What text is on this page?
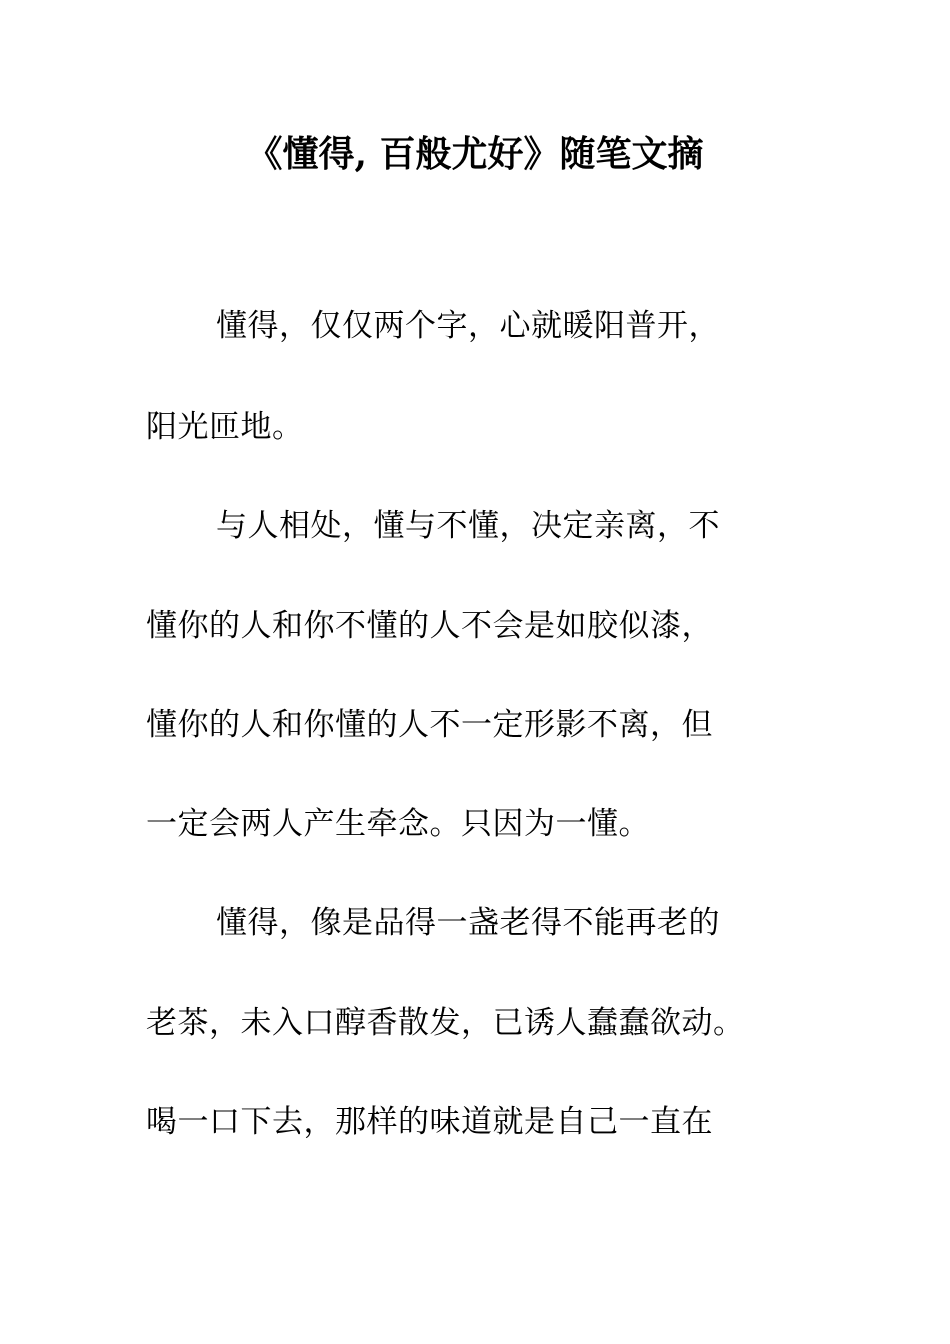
《懂得, 百般尤好》随笔文摘
懂得，仅仅两个字，心就暖阳普开，
阳光匝地。
与人相处，懂与不懂，决定亲离，不
懂你的人和你不懂的人不会是如胶似漆，
懂你的人和你懂的人不一定形影不离，但
一定会两人产生牵念。只因为一懂。
懂得，像是品得一盏老得不能再老的
老茶，未入口醇香散发，已诱人蠢蠢欲动。
喝一口下去，那样的味道就是自己一直在
